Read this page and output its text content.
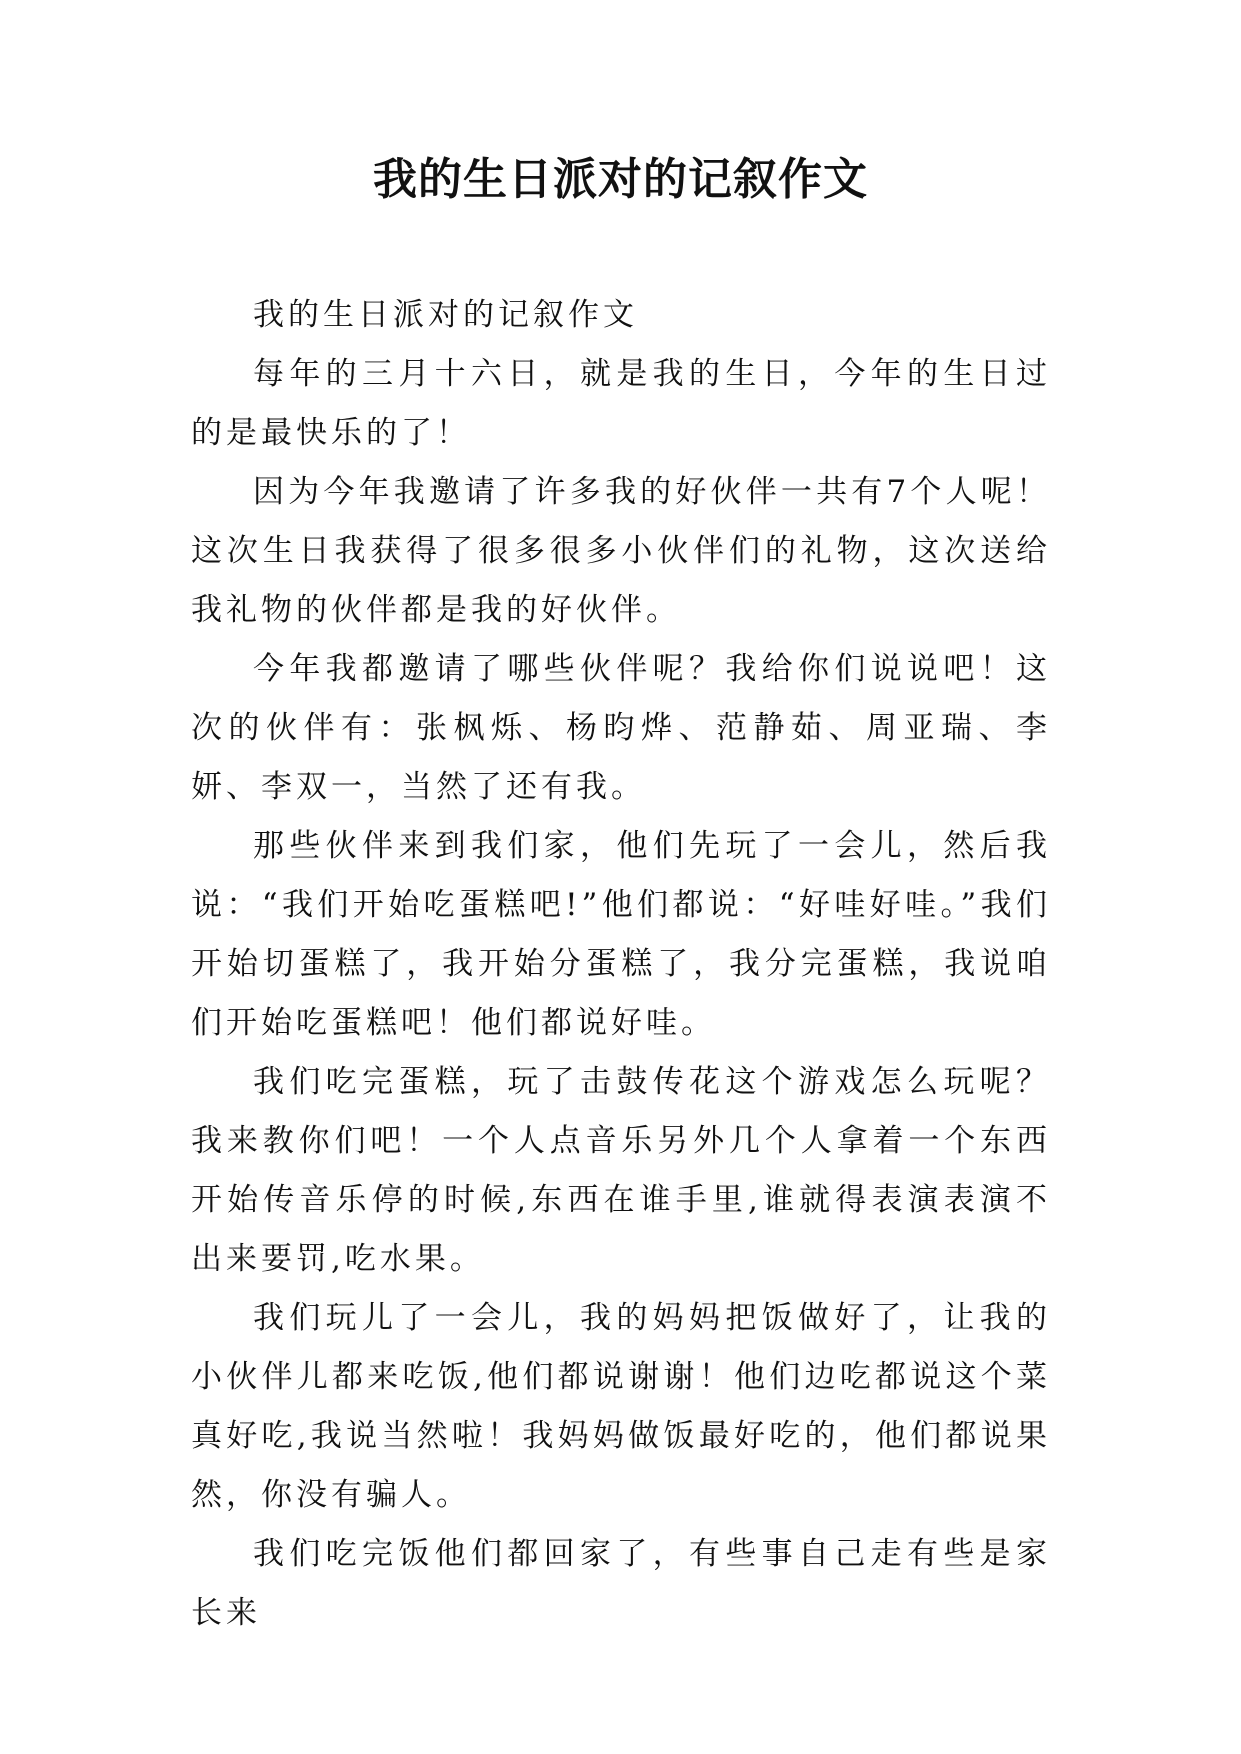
我的生日派对的记叙作文

我的生日派对的记叙作文

每年的三月十六日，就是我的生日，今年的生日过的是最快乐的了！

因为今年我邀请了许多我的好伙伴一共有7个人呢！这次生日我获得了很多很多小伙伴们的礼物，这次送给我礼物的伙伴都是我的好伙伴。

今年我都邀请了哪些伙伴呢？我给你们说说吧！这次的伙伴有：张枫烁、杨昀烨、范静茹、周亚瑞、李妍、李双一，当然了还有我。

那些伙伴来到我们家，他们先玩了一会儿，然后我说：“我们开始吃蛋糕吧!”他们都说：“好哇好哇。”我们开始切蛋糕了，我开始分蛋糕了，我分完蛋糕，我说咱们开始吃蛋糕吧！他们都说好哇。

我们吃完蛋糕，玩了击鼓传花这个游戏怎么玩呢？我来教你们吧！一个人点音乐另外几个人拿着一个东西开始传音乐停的时候,东西在谁手里,谁就得表演表演不出来要罚,吃水果。

我们玩儿了一会儿，我的妈妈把饭做好了，让我的小伙伴儿都来吃饭,他们都说谢谢！他们边吃都说这个菜真好吃,我说当然啦！我妈妈做饭最好吃的，他们都说果然，你没有骗人。

我们吃完饭他们都回家了，有些事自己走有些是家长来
